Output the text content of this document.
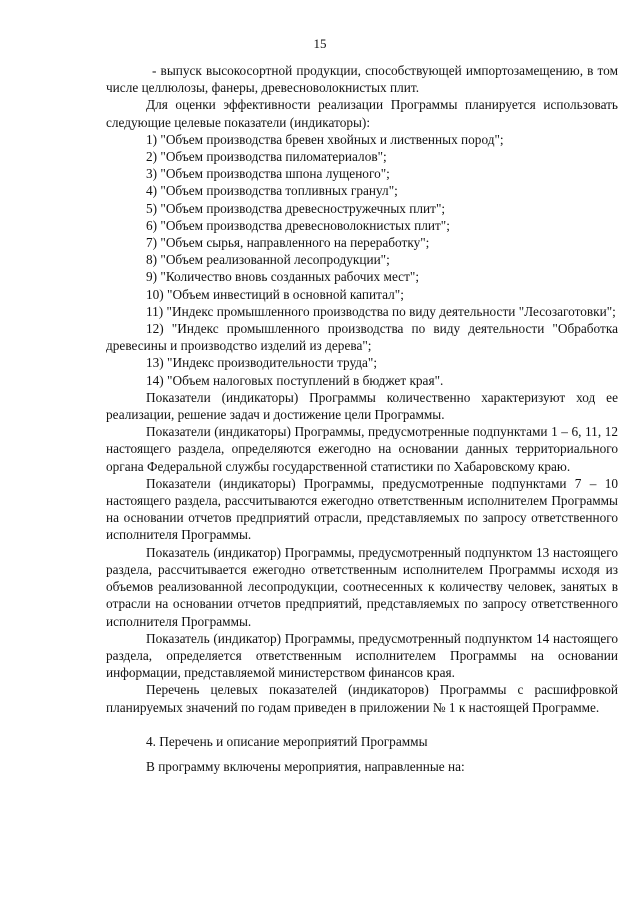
15

- выпуск высокосортной продукции, способствующей импортозамещению, в том числе целлюлозы, фанеры, древесноволокнистых плит.

Для оценки эффективности реализации Программы планируется использовать следующие целевые показатели (индикаторы):

1) "Объем производства бревен хвойных и лиственных пород";
2) "Объем производства пиломатериалов";
3) "Объем производства шпона лущеного";
4) "Объем производства топливных гранул";
5) "Объем производства древесностружечных плит";
6) "Объем производства древесноволокнистых плит";
7) "Объем сырья, направленного на переработку";
8) "Объем реализованной лесопродукции";
9) "Количество вновь созданных рабочих мест";
10) "Объем инвестиций в основной капитал";
11) "Индекс промышленного производства по виду деятельности "Лесозаготовки";
12) "Индекс промышленного производства по виду деятельности "Обработка древесины и производство изделий из дерева";
13) "Индекс производительности труда";
14) "Объем налоговых поступлений в бюджет края".

Показатели (индикаторы) Программы количественно характеризуют ход ее реализации, решение задач и достижение цели Программы.

Показатели (индикаторы) Программы, предусмотренные подпунктами 1 – 6, 11, 12 настоящего раздела, определяются ежегодно на основании данных территориального органа Федеральной службы государственной статистики по Хабаровскому краю.

Показатели (индикаторы) Программы, предусмотренные подпунктами 7 – 10 настоящего раздела, рассчитываются ежегодно ответственным исполнителем Программы на основании отчетов предприятий отрасли, представляемых по запросу ответственного исполнителя Программы.

Показатель (индикатор) Программы, предусмотренный подпунктом 13 настоящего раздела, рассчитывается ежегодно ответственным исполнителем Программы исходя из объемов реализованной лесопродукции, соотнесенных к количеству человек, занятых в отрасли на основании отчетов предприятий, представляемых по запросу ответственного исполнителя Программы.

Показатель (индикатор) Программы, предусмотренный подпунктом 14 настоящего раздела, определяется ответственным исполнителем Программы на основании информации, представляемой министерством финансов края.

Перечень целевых показателей (индикаторов) Программы с расшифровкой планируемых значений по годам приведен в приложении № 1 к настоящей Программе.

4. Перечень и описание мероприятий Программы

В программу включены мероприятия, направленные на:
